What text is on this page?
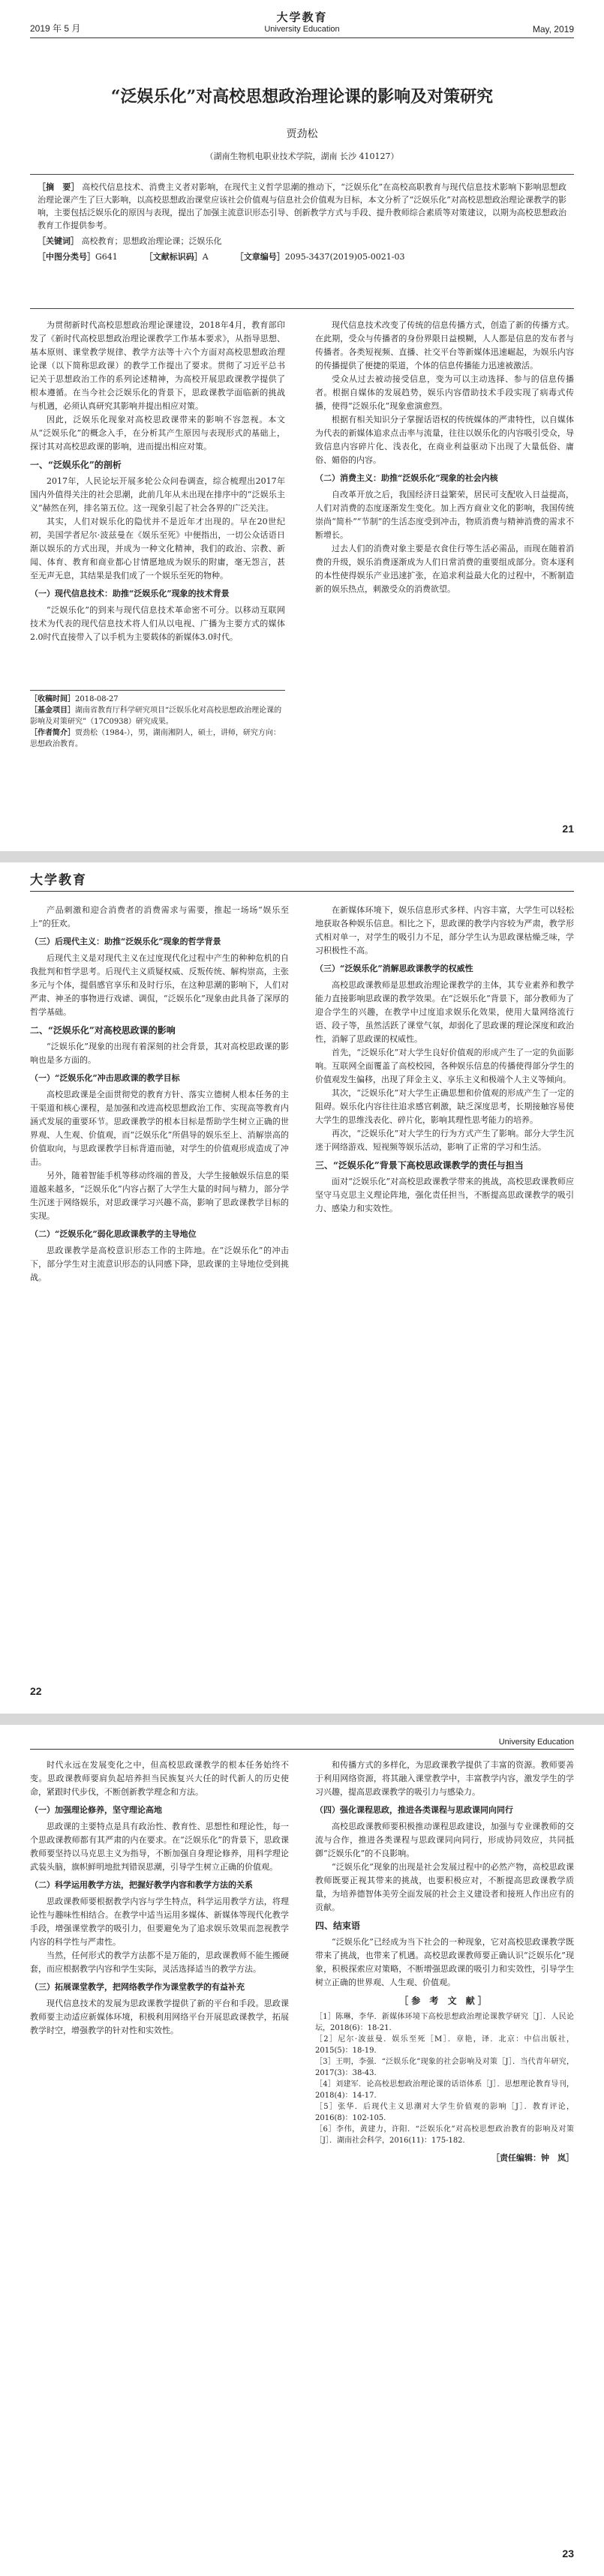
大学教育
University Education
2019 年 5 月	May, 2019
“泛娱乐化”对高校思想政治理论课的影响及对策研究
贾劲松
（湖南生物机电职业技术学院，湖南 长沙 410127）

［摘　要］ 高校代信息技术、消费主义者对影响，在现代主义哲学思潮的推动下，“泛娱乐化”在高校高职教育与现代信息技术影响下影响思想政治理论课产生了巨大影响，以高校思想政治课堂应该社会价值观与信息社会价值观为目标，本文分析了“泛娱乐化”对高校思想政治理论课教学的影响，主要包括泛娱乐化的原因与表现，提出了加强主流意识形态引导、创新教学方式与手段、提升教师综合素质等对策建议，以期为高校思想政治教育工作提供参考。

［关键词］ 高校教育；思想政治理论课；泛娱乐化

［中图分类号］G641	［文献标识码］A	［文章编号］2095-3437(2019)05-0021-03

为贯彻新时代高校思想政治理论课建设，2018年4月，教育部印发了《新时代高校思想政治理论课教学工作基本要求》，从指导思想、基本原则、课堂教学规律、教学方法等十六个方面对高校思想政治理论课（以下简称思政课）的教学工作提出了要求。贯彻了习近平总书记关于思想政治工作的系列论述精神，为高校开展思政课教学提供了根本遵循。在当今社会泛娱乐化的背景下，思政课教学面临新的挑战与机遇，必须认真研究其影响并提出相应对策。

因此，泛娱乐化现象对高校思政课带来的影响不容忽视。本文从“泛娱乐化”的概念入手，在分析其产生原因与表现形式的基础上，探讨其对高校思政课的影响，进而提出相应对策。

一、“泛娱乐化”的剖析

2017年，人民论坛开展多轮公众问卷调查，综合梳理出2017年国内外值得关注的社会思潮，此前几年从未出现在排序中的“泛娱乐主义”赫然在列，排名第五位。这一现象引起了社会各界的广泛关注。

其实，人们对娱乐化的隐忧并不是近年才出现的。早在20世纪初，美国学者尼尔·波兹曼在《娱乐至死》中便指出，一切公众话语日渐以娱乐的方式出现，并成为一种文化精神，我们的政治、宗教、新闻、体育、教育和商业都心甘情愿地成为娱乐的附庸，毫无怨言，甚至无声无息，其结果是我们成了一个娱乐至死的物种。

（一）现代信息技术：助推“泛娱乐化”现象的技术背景

“泛娱乐化”的到来与现代信息技术革命密不可分。以移动互联网技术为代表的现代信息技术将人们从以电视、广播为主要方式的媒体2.0时代直接带入了以手机为主要载体的新媒体3.0时代。

现代信息技术改变了传统的信息传播方式，创造了新的传播方式。在此期，受众与传播者的身份界限日益模糊，人人都是信息的发布者与传播者。各类短视频、直播、社交平台等新媒体迅速崛起，为娱乐内容的传播提供了便捷的渠道，个体的信息传播能力迅速被激活。

受众从过去被动接受信息，变为可以主动选择、参与的信息传播者。根据自媒体的发展趋势，娱乐内容借助技术手段实现了病毒式传播，使得“泛娱乐化”现象愈演愈烈。

根据有相关知识分子掌握话语权的传统媒体的严肃特性，以自媒体为代表的新媒体追求点击率与流量，往往以娱乐化的内容吸引受众，导致信息内容碎片化、浅表化，在商业利益驱动下出现了大量低俗、庸俗、媚俗的内容。

（二）消费主义：助推“泛娱乐化”现象的社会内核

自改革开放之后，我国经济日益繁荣，居民可支配收入日益提高，人们对消费的态度逐渐发生变化。加上西方商业文化的影响，我国传统崇尚“简朴”“节制”的生活态度受到冲击，物质消费与精神消费的需求不断增长。

过去人们的消费对象主要是衣食住行等生活必需品，而现在随着消费的升级，娱乐消费逐渐成为人们日常消费的重要组成部分。资本逐利的本性使得娱乐产业迅速扩张，在追求利益最大化的过程中，不断制造新的娱乐热点，刺激受众的消费欲望。

［收稿时间］2018-08-27

［基金项目］湖南省教育厅科学研究项目“泛娱乐化对高校思想政治理论课的影响及对策研究”（17C0938）研究成果。

［作者简介］贾劲松（1984-），男，湖南湘阴人，硕士，讲师，研究方向：思想政治教育。

21
大学教育

产品刺激和迎合消费者的消费需求与需要，推起一场场“娱乐至上”的狂欢。

（三）后现代主义：助推“泛娱乐化”现象的哲学背景

后现代主义是对现代主义在过度现代化过程中产生的种种危机的自我批判和哲学思考。后现代主义质疑权威、反叛传统、解构崇高，主张多元与个体，提倡感官享乐和及时行乐，在这种思潮的影响下，人们对严肃、神圣的事物进行戏谑、调侃，“泛娱乐化”现象由此具备了深厚的哲学基础。

二、“泛娱乐化”对高校思政课的影响

“泛娱乐化”现象的出现有着深刻的社会背景，其对高校思政课的影响也是多方面的。

（一）“泛娱乐化”冲击思政课的教学目标

高校思政课是全面贯彻党的教育方针、落实立德树人根本任务的主干渠道和核心课程，是加强和改进高校思想政治工作、实现高等教育内涵式发展的重要环节。思政课教学的根本目标是帮助学生树立正确的世界观、人生观、价值观，而“泛娱乐化”所倡导的娱乐至上、消解崇高的价值取向，与思政课教学目标背道而驰，对学生的价值观形成造成了冲击。

另外，随着智能手机等移动终端的普及，大学生接触娱乐信息的渠道越来越多，“泛娱乐化”内容占据了大学生大量的时间与精力，部分学生沉迷于网络娱乐，对思政课学习兴趣不高，影响了思政课教学目标的实现。

（二）“泛娱乐化”弱化思政课教学的主导地位

思政课教学是高校意识形态工作的主阵地。在“泛娱乐化”的冲击下，部分学生对主流意识形态的认同感下降，思政课的主导地位受到挑战。

在新媒体环境下，娱乐信息形式多样、内容丰富，大学生可以轻松地获取各种娱乐信息。相比之下，思政课的教学内容较为严肃，教学形式相对单一，对学生的吸引力不足，部分学生认为思政课枯燥乏味，学习积极性不高。

（三）“泛娱乐化”消解思政课教学的权威性

高校思政课教师是思想政治理论课教学的主体，其专业素养和教学能力直接影响思政课的教学效果。在“泛娱乐化”背景下，部分教师为了迎合学生的兴趣，在教学中过度追求娱乐化效果，使用大量网络流行语、段子等，虽然活跃了课堂气氛，却弱化了思政课的理论深度和政治性，消解了思政课的权威性。

首先，“泛娱乐化”对大学生良好价值观的形成产生了一定的负面影响。互联网全面覆盖了高校校园，各种娱乐信息的传播使得部分学生的价值观发生偏移，出现了拜金主义、享乐主义和极端个人主义等倾向。

其次，“泛娱乐化”对大学生正确思想和价值观的形成产生了一定的阻碍。娱乐化内容往往追求感官刺激，缺乏深度思考，长期接触容易使大学生的思维浅表化、碎片化，影响其理性思考能力的培养。

再次，“泛娱乐化”对大学生的行为方式产生了影响。部分大学生沉迷于网络游戏、短视频等娱乐活动，影响了正常的学习和生活。

三、“泛娱乐化”背景下高校思政课教学的责任与担当

面对“泛娱乐化”对高校思政课教学带来的挑战，高校思政课教师应坚守马克思主义理论阵地，强化责任担当，不断提高思政课教学的吸引力、感染力和实效性。

22
University Education

时代永远在发展变化之中，但高校思政课教学的根本任务始终不变。思政课教师要肩负起培养担当民族复兴大任的时代新人的历史使命，紧跟时代步伐，不断创新教学理念和方法。

（一）加强理论修养，坚守理论高地

思政课的主要特点是具有政治性、教育性、思想性和理论性，每一个思政课教师都有其严肃的内在要求。在“泛娱乐化”的背景下，思政课教师要坚持以马克思主义为指导，不断加强自身理论修养，用科学理论武装头脑，旗帜鲜明地批判错误思潮，引导学生树立正确的价值观。

（二）科学运用教学方法，把握好教学内容和教学方法的关系

思政课教师要根据教学内容与学生特点，科学运用教学方法，将理论性与趣味性相结合。在教学中适当运用多媒体、新媒体等现代化教学手段，增强课堂教学的吸引力，但要避免为了追求娱乐效果而忽视教学内容的科学性与严肃性。

当然，任何形式的教学方法都不是万能的，思政课教师不能生搬硬套，而应根据教学内容和学生实际，灵活选择适当的教学方法。

（三）拓展课堂教学，把网络教学作为课堂教学的有益补充

现代信息技术的发展为思政课教学提供了新的平台和手段。思政课教师要主动适应新媒体环境，积极利用网络平台开展思政课教学，拓展教学时空，增强教学的针对性和实效性。

和传播方式的多样化，为思政课教学提供了丰富的资源。教师要善于利用网络资源，将其融入课堂教学中，丰富教学内容，激发学生的学习兴趣，提高思政课教学的吸引力与感染力。

（四）强化课程思政，推进各类课程与思政课同向同行

高校思政课教师要积极推动课程思政建设，加强与专业课教师的交流与合作，推进各类课程与思政课同向同行，形成协同效应，共同抵御“泛娱乐化”的不良影响。

“泛娱乐化”现象的出现是社会发展过程中的必然产物，高校思政课教师既要正视其带来的挑战，也要积极应对，不断提高思政课教学质量，为培养德智体美劳全面发展的社会主义建设者和接班人作出应有的贡献。

四、结束语

“泛娱乐化”已经成为当下社会的一种现象，它对高校思政课教学既带来了挑战，也带来了机遇。高校思政课教师要正确认识“泛娱乐化”现象，积极探索应对策略，不断增强思政课的吸引力和实效性，引导学生树立正确的世界观、人生观、价值观。

［参 考 文 献］
［1］陈琳，李华．新媒体环境下高校思想政治理论课教学研究［J］．人民论坛，2018(6)：18-21.
［2］尼尔·波兹曼．娱乐至死［M］．章艳，译．北京：中信出版社，2015(5)：18-19.
［3］王明，李强．“泛娱乐化”现象的社会影响及对策［J］．当代青年研究，2017(3)：38-43.
［4］刘建军．论高校思想政治理论课的话语体系［J］．思想理论教育导刊，2018(4)：14-17.
［5］张华．后现代主义思潮对大学生价值观的影响［J］．教育评论，2016(8)：102-105.
［6］李伟，黄建力，许阳．“泛娱乐化”对高校思想政治教育的影响及对策［J］．湖南社会科学，2016(11)：175-182.
［责任编辑：钟　岚］
23
